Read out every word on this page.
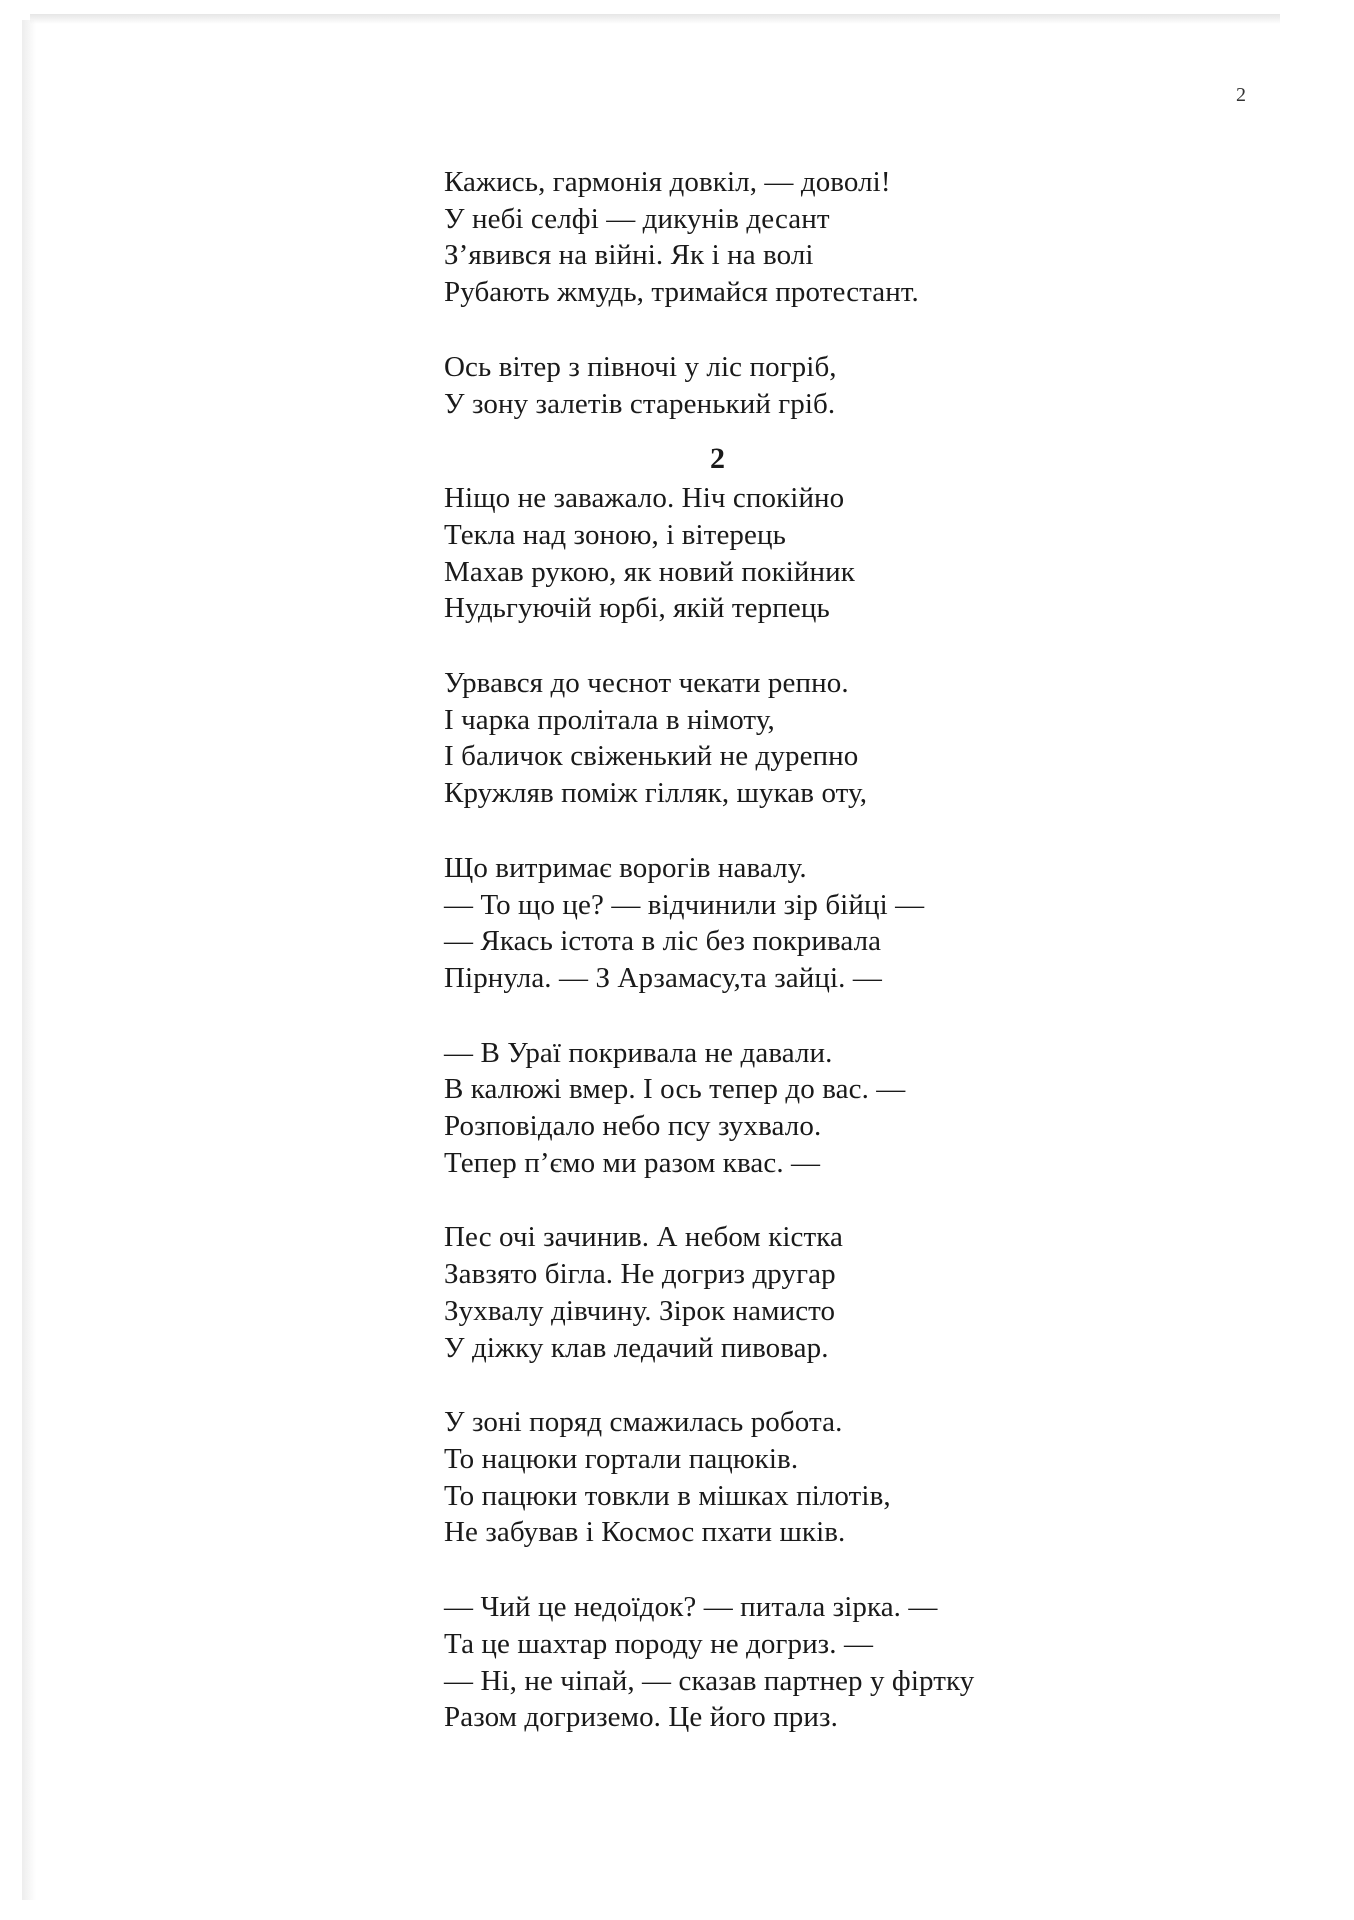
2
Кажись, гармонія довкіл, — доволі!
У небі селфі — дикунів десант
З’явився на війні. Як і на волі
Рубають жмудь, тримайся протестант.
Ось вітер з півночі у ліс погріб,
У зону залетів старенький гріб.
2
Ніщо не заважало. Ніч спокійно
Текла над зоною, і вітерець
Махав рукою, як новий покійник
Нудьгуючій юрбі, якій терпець
Урвався до чеснот чекати репно.
І чарка пролітала в німоту,
І баличок свіженький не дурепно
Кружляв поміж гілляк, шукав оту,
Що витримає ворогів навалу.
— То що це? — відчинили зір бійці —
— Якась істота в ліс без покривала
Пірнула. — З Арзамасу,та зайці. —
— В Ураї покривала не давали.
В калюжі вмер. І ось тепер до вас. —
Розповідало небо псу зухвало.
Тепер п’ємо ми разом квас. —
Пес очі зачинив. А небом кістка
Завзято бігла. Не догриз другар
Зухвалу дівчину. Зірок намисто
У діжку клав ледачий пивовар.
У зоні поряд смажилась робота.
То нацюки гортали пацюків.
То пацюки товкли в мішках пілотів,
Не забував і Космос пхати шків.
— Чий це недоїдок? — питала зірка. —
Та це шахтар породу не догриз. —
— Ні, не чіпай, — сказав партнер у фіртку
Разом догриземо. Це його приз.
